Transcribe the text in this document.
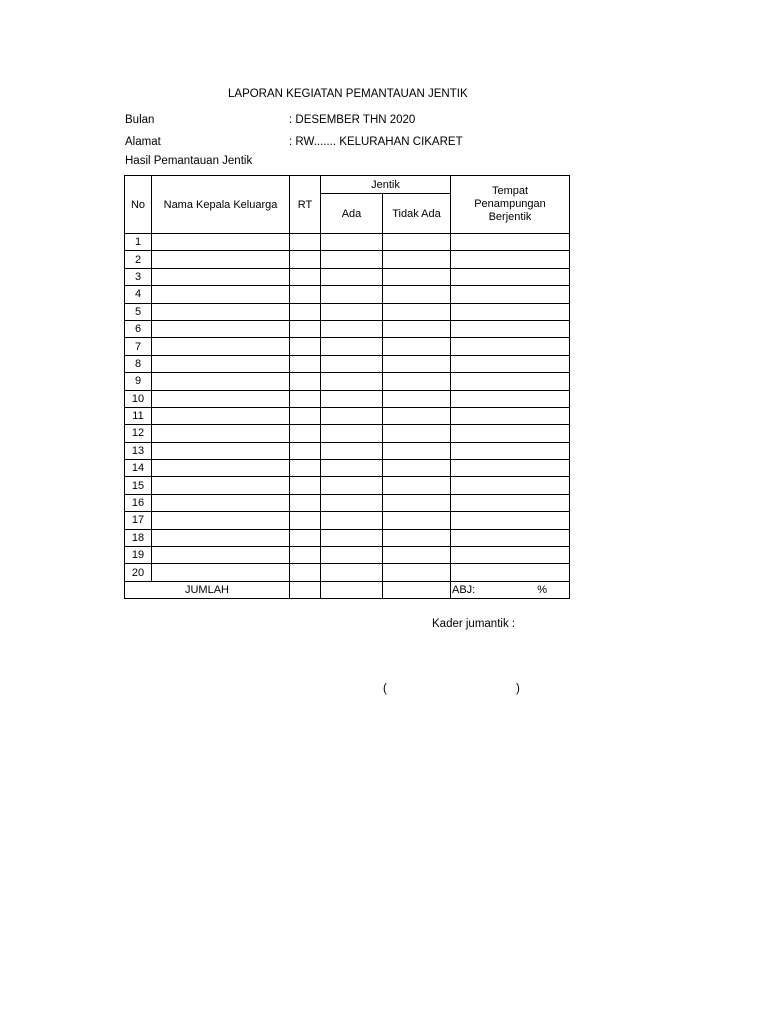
LAPORAN KEGIATAN PEMANTAUAN JENTIK
Bulan	: DESEMBER THN 2020
Alamat	: RW....... KELURAHAN CIKARET
Hasil Pemantauan Jentik
No	Nama Kepala Keluarga	RT	Jentik		Tempat
Penampungan
Berjentik

			Ada	Tidak Ada	
1					
2					
3					
4					
5					
6					
7					
8					
9					
10					
11					
12					
13					
14					
15					
16					
17					
18					
19					
20					
JUMLAH					ABJ: %
Kader jumantik :
(	)
